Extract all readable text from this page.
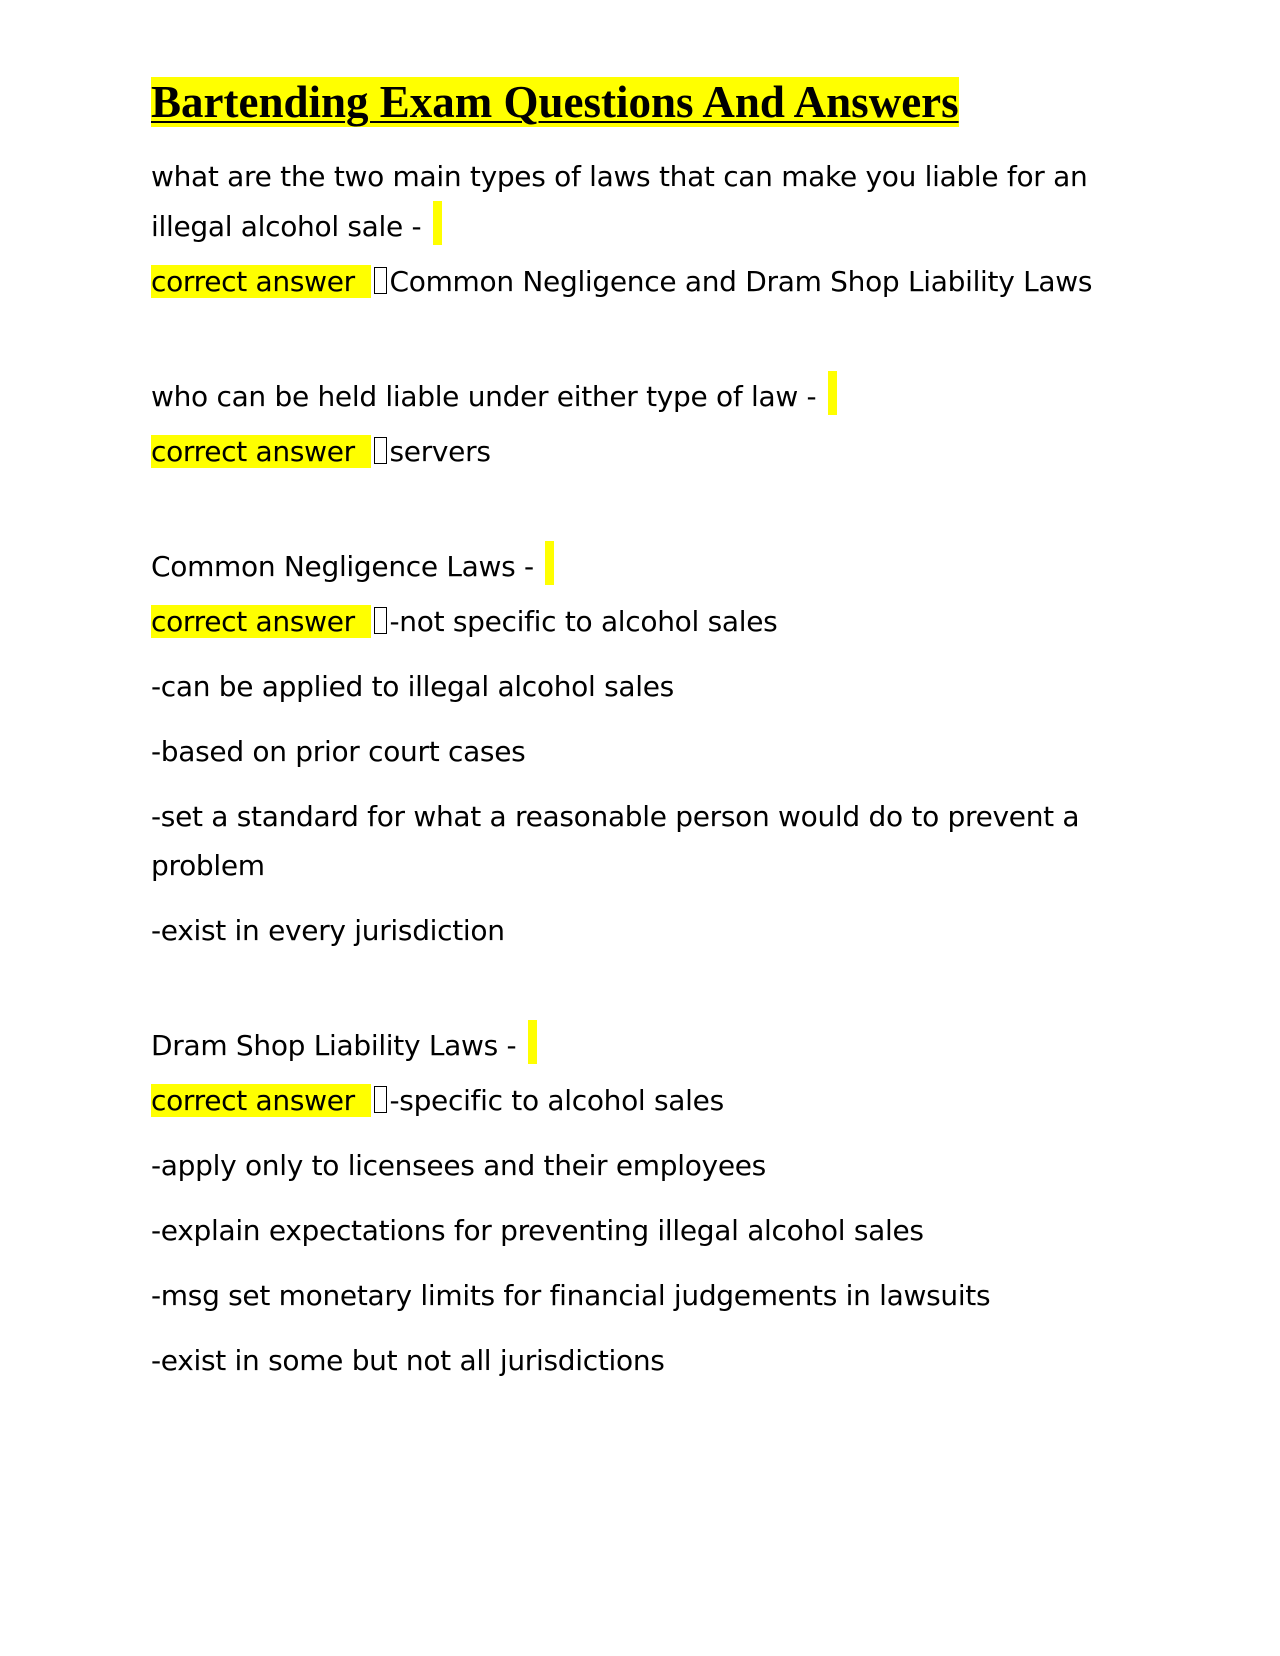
Bartending Exam Questions And Answers

what are the two main types of laws that can make you liable for an illegal alcohol sale -

correct answer Common Negligence and Dram Shop Liability Laws

who can be held liable under either type of law -

correct answer servers

Common Negligence Laws -

correct answer -not specific to alcohol sales

-can be applied to illegal alcohol sales

-based on prior court cases

-set a standard for what a reasonable person would do to prevent a problem

-exist in every jurisdiction

Dram Shop Liability Laws -

correct answer -specific to alcohol sales

-apply only to licensees and their employees

-explain expectations for preventing illegal alcohol sales

-msg set monetary limits for financial judgements in lawsuits

-exist in some but not all jurisdictions
